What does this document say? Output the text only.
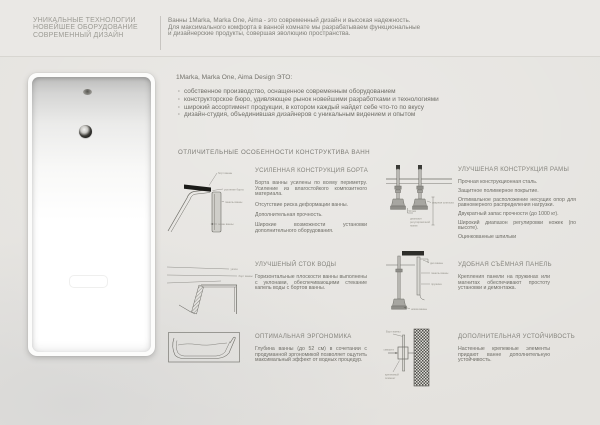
УНИКАЛЬНЫЕ ТЕХНОЛОГИИ
НОВЕЙШЕЕ ОБОРУДОВАНИЕ
СОВРЕМЕННЫЙ ДИЗАЙН
Ванны 1Marka, Marka One, Aima - это современный дизайн и высокая надежность.
Для максимального комфорта в ванной комнате мы разрабатываем функциональные
и дизайнерские продукты, совершая эволюцию пространства.
1Marka, Marka One, Aima Design ЭТО:
· собственное производство, оснащенное современным оборудованием
· конструкторское бюро, удивляющее рынок новейшими разработками и технологиями
· широкий ассортимент продукции, в котором каждый найдет себе что-то по вкусу
· дизайн-студия, объединившая дизайнеров с уникальным видением и опытом
ОТЛИЧИТЕЛЬНЫЕ ОСОБЕННОСТИ КОНСТРУКТИВА ВАНН
борт ванны
усиление борта
панель ванны
экран ванны
УСИЛЕННАЯ КОНСТРУКЦИЯ БОРТА

Борта ванны усилены по всему периметру. Усиление из влагостойкого композитного материала.

Отсутствие риска деформации ванны.

Дополнительная прочность.

Широкие возможности установки дополнительного оборудования.

уклон
борт ванны
УЛУЧШЕНЫЙ СТОК ВОДЫ

Горизонтальные плоскости ванны выполнены с уклонами, обеспечивающими стекание капель воды с бортов ванны.

ОПТИМАЛЬНАЯ ЭРГОНОМИКА

Глубина ванны (до 52 см) в сочетании с продуманной эргономикой позволяет ощутить максимальный эффект от водных процедур.

50 мм
сварная шпилька
диапазон
регулировочной
ножки
УЛУЧШЕНАЯ КОНСТРУКЦИЯ РАМЫ

Прочная конструкционная сталь.

Защитное полимерное покрытие.

Оптимальное расположение несущих опор для равномерного распределения нагрузки.

Двукратный запас прочности (до 1000 кг).

Широкий диапазон регулировки ножек (по высоте).

Оцинкованные шпильки

дно ванны
панель ванны
пружина
ножка ванны
УДОБНАЯ СЪЁМНАЯ ПАНЕЛЬ

Крепления панели на пружинах или магнитах обеспечивают простоту установки и демонтажа.

Борт ванны
саморез
крепежный
элемент
ДОПОЛНИТЕЛЬНАЯ УСТОЙЧИВОСТЬ

Настенные крепежные элементы придают ванне дополнительную устойчивость.
